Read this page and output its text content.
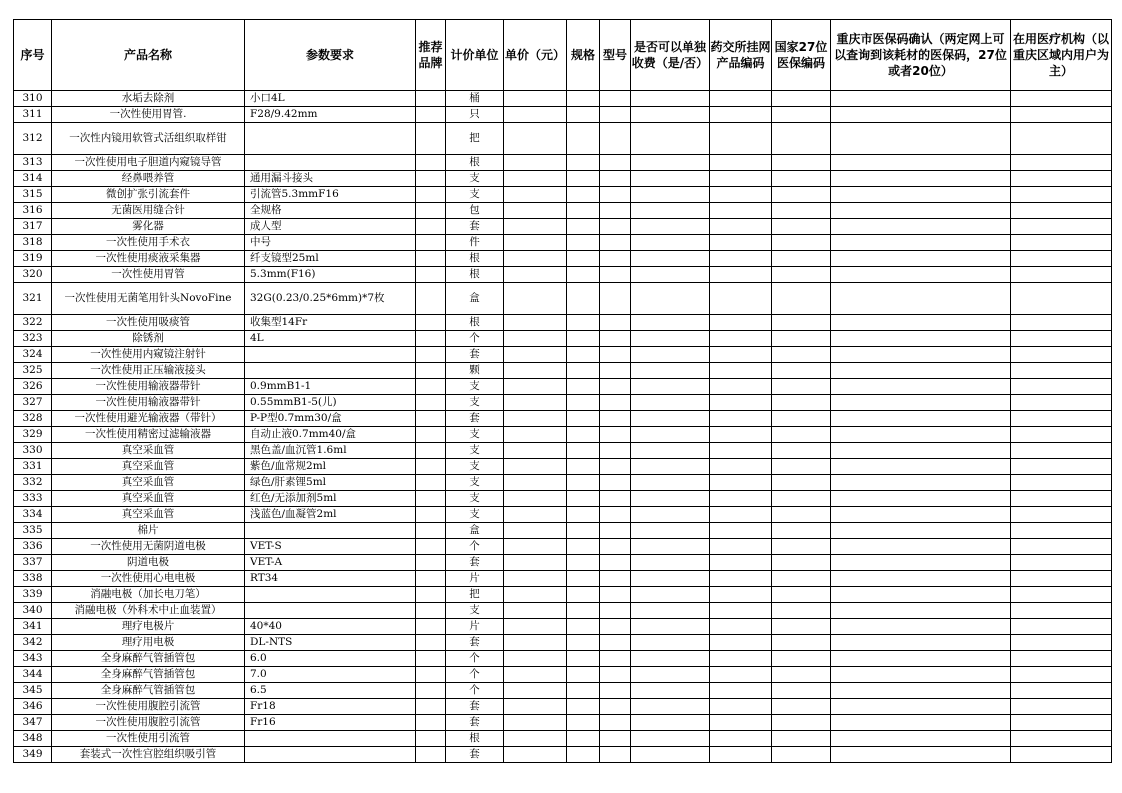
序号	产品名称	参数要求	推荐品牌	计价单位	单价（元）	规格	型号	是否可以单独收费（是/否）	药交所挂网产品编码	国家27位医保编码	重庆市医保码确认（两定网上可以查询到该耗材的医保码，27位或者20位）	在用医疗机构（以重庆区域内用户为主）
310	水垢去除剂	小口4L		桶								
311	一次性使用胃管.	F28/9.42mm		只								
312	一次性内镜用软管式活组织取样钳			把								
313	一次性使用电子胆道内窥镜导管			根								
314	经鼻喂养管	通用漏斗接头		支								
315	微创扩张引流套件	引流管5.3mmF16		支								
316	无菌医用缝合针	全规格		包								
317	雾化器	成人型		套								
318	一次性使用手术衣	中号		件								
319	一次性使用痰液采集器	纤支镜型25ml		根								
320	一次性使用胃管	5.3mm(F16)		根								
321	一次性使用无菌笔用针头NovoFine	32G(0.23/0.25*6mm)*7枚		盒								
322	一次性使用吸痰管	收集型14Fr		根								
323	除锈剂	4L		个								
324	一次性使用内窥镜注射针			套								
325	一次性使用正压输液接头			颗								
326	一次性使用输液器带针	0.9mmB1-1		支								
327	一次性使用输液器带针	0.55mmB1-5(儿)		支								
328	一次性使用避光输液器（带针）	P-P型0.7mm30/盒		套								
329	一次性使用精密过滤输液器	自动止液0.7mm40/盒		支								
330	真空采血管	黑色盖/血沉管1.6ml		支								
331	真空采血管	紫色/血常规2ml		支								
332	真空采血管	绿色/肝素锂5ml		支								
333	真空采血管	红色/无添加剂5ml		支								
334	真空采血管	浅蓝色/血凝管2ml		支								
335	棉片			盒								
336	一次性使用无菌阴道电极	VET-S		个								
337	阴道电极	VET-A		套								
338	一次性使用心电电极	RT34		片								
339	消融电极（加长电刀笔）			把								
340	消融电极（外科术中止血装置）			支								
341	理疗电极片	40*40		片								
342	理疗用电极	DL-NTS		套								
343	全身麻醉气管插管包	6.0		个								
344	全身麻醉气管插管包	7.0		个								
345	全身麻醉气管插管包	6.5		个								
346	一次性使用腹腔引流管	Fr18		套								
347	一次性使用腹腔引流管	Fr16		套								
348	一次性使用引流管			根								
349	套装式一次性宫腔组织吸引管			套								
